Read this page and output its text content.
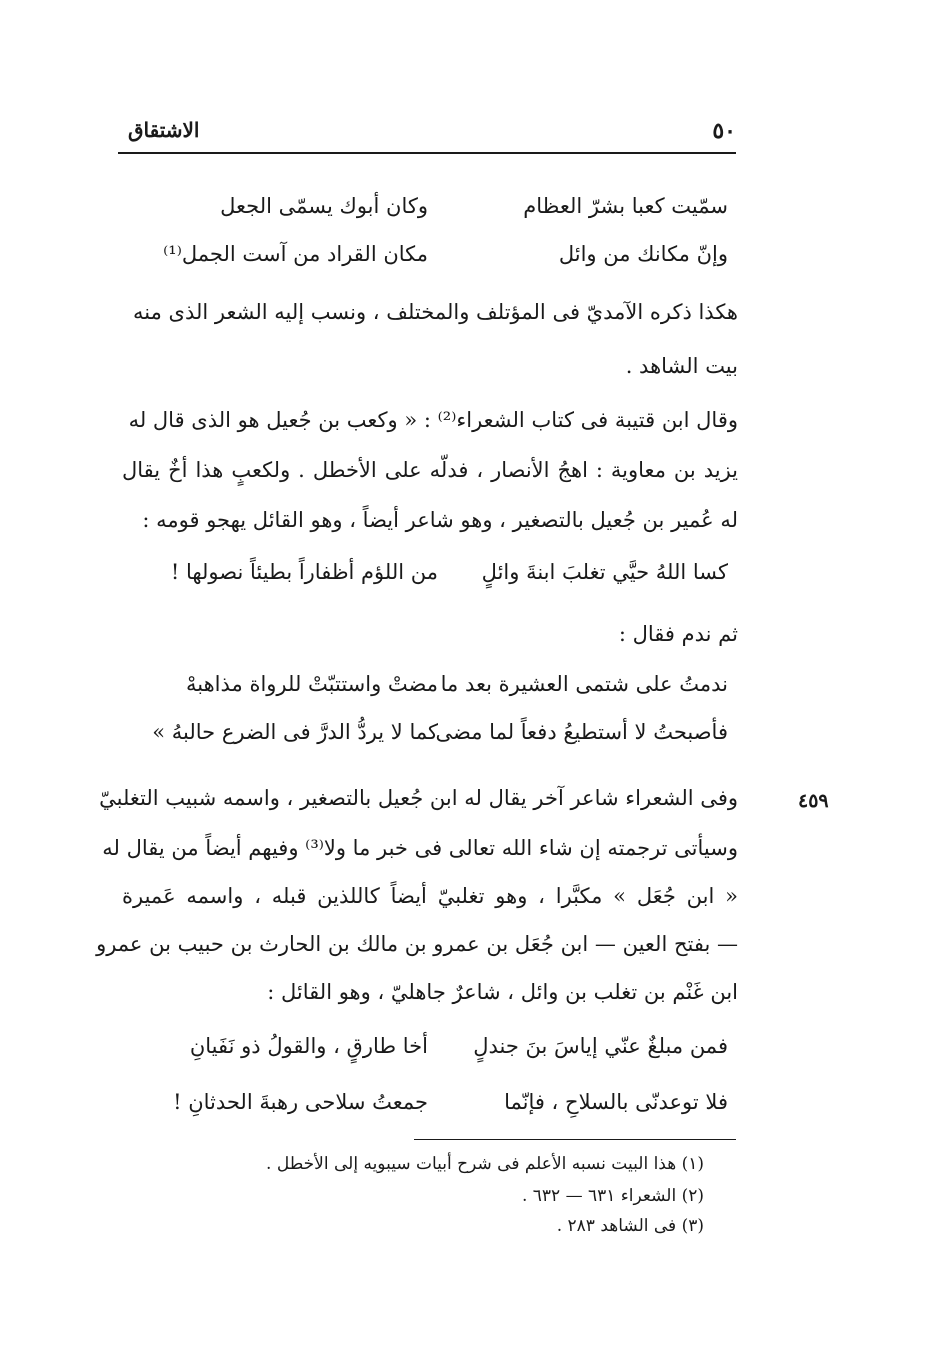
٥٠
الاشتقاق
سمّيت كعبا بشرّ العظام
وكان أبوك يسمّى الجعل
وإنّ مكانك من وائل
مكان القراد من آست الجمل⁽¹⁾
هكذا ذكره الآمديّ فى المؤتلف والمختلف ، ونسب إليه الشعر الذى منه
بيت الشاهد .
وقال ابن قتيبة فى كتاب الشعراء⁽²⁾ : « وكعب بن جُعيل هو الذى قال له
يزيد بن معاوية : اهجُ الأنصار ، فدلّه على الأخطل . ولكعبٍ هذا أخٌ يقال
له عُمير بن جُعيل بالتصغير ، وهو شاعر أيضاً ، وهو القائل يهجو قومه :
كسا اللهُ حيَّي تغلبَ ابنةَ وائلٍ
من اللؤم أظفاراً بطيئاً نصولها !
ثم ندم فقال :
ندمتُ على شتمى العشيرة بعد ما
مضتْ واستتبّتْ للرواة مذاهبهْ
فأصبحتُ لا أستطيعُ دفعاً لما مضى
كما لا يردُّ الدرَّ فى الضرع حالبهُ »
٤٥٩
وفى الشعراء شاعر آخر يقال له ابن جُعيل بالتصغير ، واسمه شبيب التغلبيّ
وسيأتى ترجمته إن شاء الله تعالى فى خبر ما ولا⁽³⁾ وفيهم أيضاً من يقال له
« ابن جُعَل » مكبَّرا ، وهو تغلبيّ أيضاً كاللذين قبله ، واسمه عَميرة
— بفتح العين — ابن جُعَل بن عمرو بن مالك بن الحارث بن حبيب بن عمرو
ابن غَنْم بن تغلب بن وائل ، شاعرٌ جاهليّ ، وهو القائل :
فمن مبلغٌ عنّي إياسَ بنَ جندلٍ
أخا طارقٍ ، والقولُ ذو نَفَيانِ
فلا توعدنّى بالسلاحِ ، فإنّما
جمعتُ سلاحى رهبةَ الحدثانِ !
(١) هذا البيت نسبه الأعلم فى شرح أبيات سيبويه إلى الأخطل .
(٢) الشعراء ٦٣١ — ٦٣٢ .
(٣) فى الشاهد ٢٨٣ .
